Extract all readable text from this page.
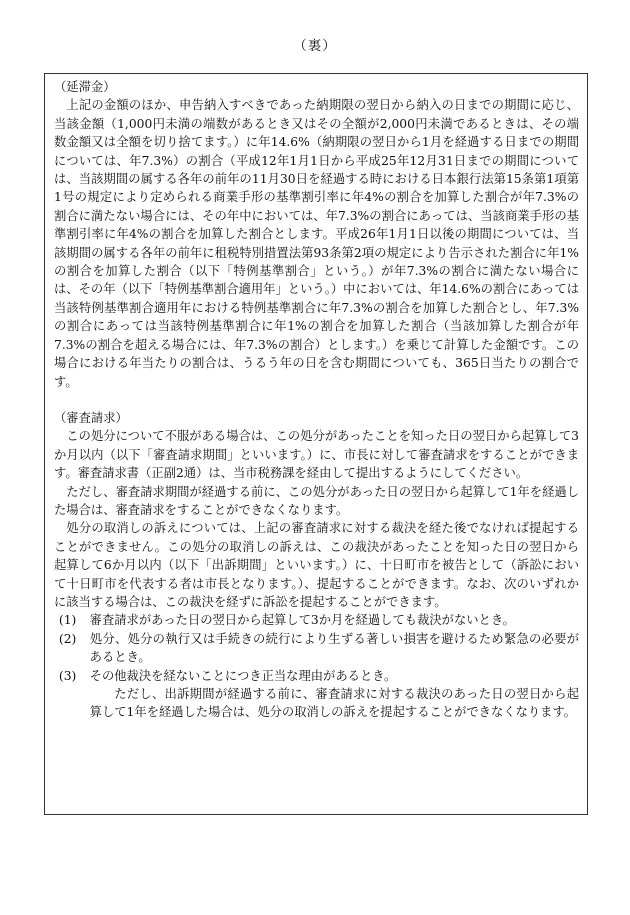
（裏）

（延滞金）

上記の金額のほか、申告納入すべきであった納期限の翌日から納入の日までの期間に応じ、当該金額（1,000円未満の端数があるとき又はその全額が2,000円未満であるときは、その端数金額又は全額を切り捨てます。）に年14.6%（納期限の翌日から1月を経過する日までの期間については、年7.3%）の割合（平成12年1月1日から平成25年12月31日までの期間については、当該期間の属する各年の前年の11月30日を経過する時における日本銀行法第15条第1項第1号の規定により定められる商業手形の基準割引率に年4%の割合を加算した割合が年7.3%の割合に満たない場合には、その年中においては、年7.3%の割合にあっては、当該商業手形の基準割引率に年4%の割合を加算した割合とします。平成26年1月1日以後の期間については、当該期間の属する各年の前年に租税特別措置法第93条第2項の規定により告示された割合に年1%の割合を加算した割合（以下「特例基準割合」という。）が年7.3%の割合に満たない場合には、その年（以下「特例基準割合適用年」という。）中においては、年14.6%の割合にあっては当該特例基準割合適用年における特例基準割合に年7.3%の割合を加算した割合とし、年7.3%の割合にあっては当該特例基準割合に年1%の割合を加算した割合（当該加算した割合が年7.3%の割合を超える場合には、年7.3%の割合）とします。）を乗じて計算した金額です。この場合における年当たりの割合は、うるう年の日を含む期間についても、365日当たりの割合です。

（審査請求）

この処分について不服がある場合は、この処分があったことを知った日の翌日から起算して3か月以内（以下「審査請求期間」といいます。）に、市長に対して審査請求をすることができます。審査請求書（正副2通）は、当市税務課を経由して提出するようにしてください。

ただし、審査請求期間が経過する前に、この処分があった日の翌日から起算して1年を経過した場合は、審査請求をすることができなくなります。

処分の取消しの訴えについては、上記の審査請求に対する裁決を経た後でなければ提起することができません。この処分の取消しの訴えは、この裁決があったことを知った日の翌日から起算して6か月以内（以下「出訴期間」といいます。）に、十日町市を被告として（訴訟において十日町市を代表する者は市長となります。）、提起することができます。なお、次のいずれかに該当する場合は、この裁決を経ずに訴訟を提起することができます。

(1) 審査請求があった日の翌日から起算して3か月を経過しても裁決がないとき。

(2) 処分、処分の執行又は手続きの続行により生ずる著しい損害を避けるため緊急の必要があるとき。

(3) その他裁決を経ないことにつき正当な理由があるとき。

ただし、出訴期間が経過する前に、審査請求に対する裁決のあった日の翌日から起算して1年を経過した場合は、処分の取消しの訴えを提起することができなくなります。
